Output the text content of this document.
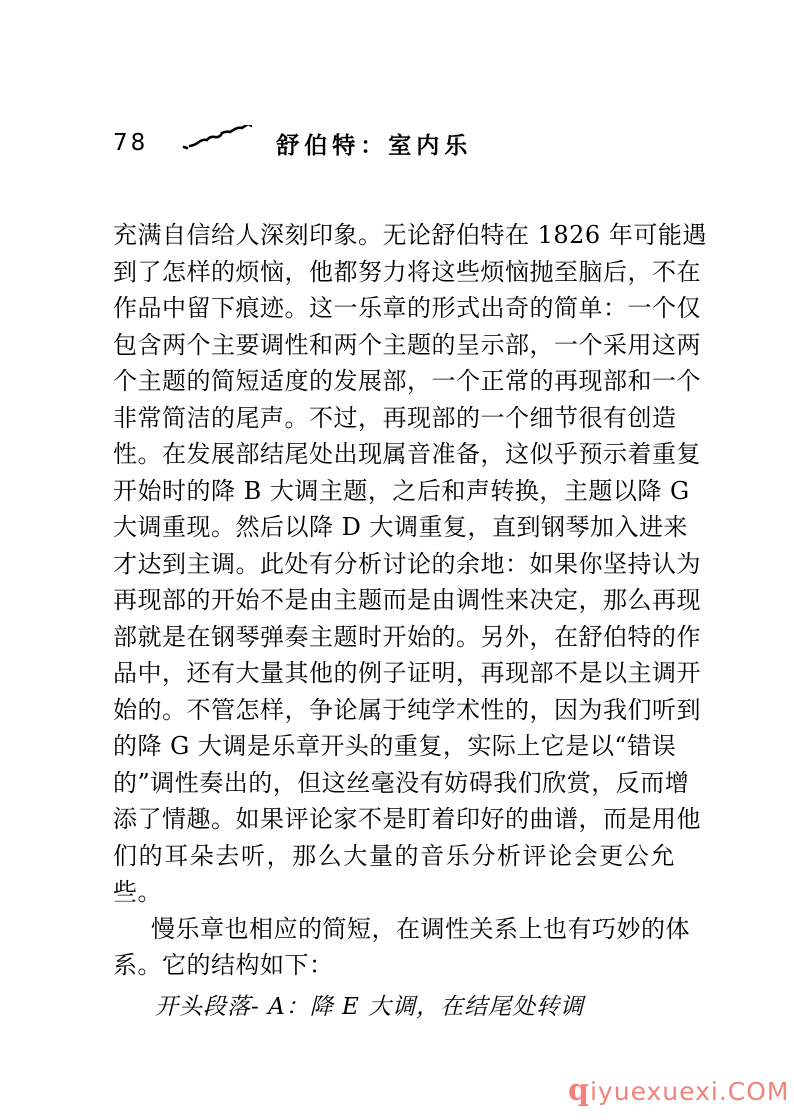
78	舒伯特：室内乐
充满自信给人深刻印象。无论舒伯特在 1826 年可能遇
到了怎样的烦恼，他都努力将这些烦恼抛至脑后，不在
作品中留下痕迹。这一乐章的形式出奇的简单：一个仅
包含两个主要调性和两个主题的呈示部，一个采用这两
个主题的简短适度的发展部，一个正常的再现部和一个
非常简洁的尾声。不过，再现部的一个细节很有创造
性。在发展部结尾处出现属音准备，这似乎预示着重复
开始时的降 B 大调主题，之后和声转换，主题以降 G
大调重现。然后以降 D 大调重复，直到钢琴加入进来
才达到主调。此处有分析讨论的余地：如果你坚持认为
再现部的开始不是由主题而是由调性来决定，那么再现
部就是在钢琴弹奏主题时开始的。另外，在舒伯特的作
品中，还有大量其他的例子证明，再现部不是以主调开
始的。不管怎样，争论属于纯学术性的，因为我们听到
的降 G 大调是乐章开头的重复，实际上它是以“错误
的”调性奏出的，但这丝毫没有妨碍我们欣赏，反而增
添了情趣。如果评论家不是盯着印好的曲谱，而是用他
们的耳朵去听，那么大量的音乐分析评论会更公允些。
慢乐章也相应的简短，在调性关系上也有巧妙的体
系。它的结构如下：
开头段落- A：降 E 大调，在结尾处转调
qiyuexuexi.COM
